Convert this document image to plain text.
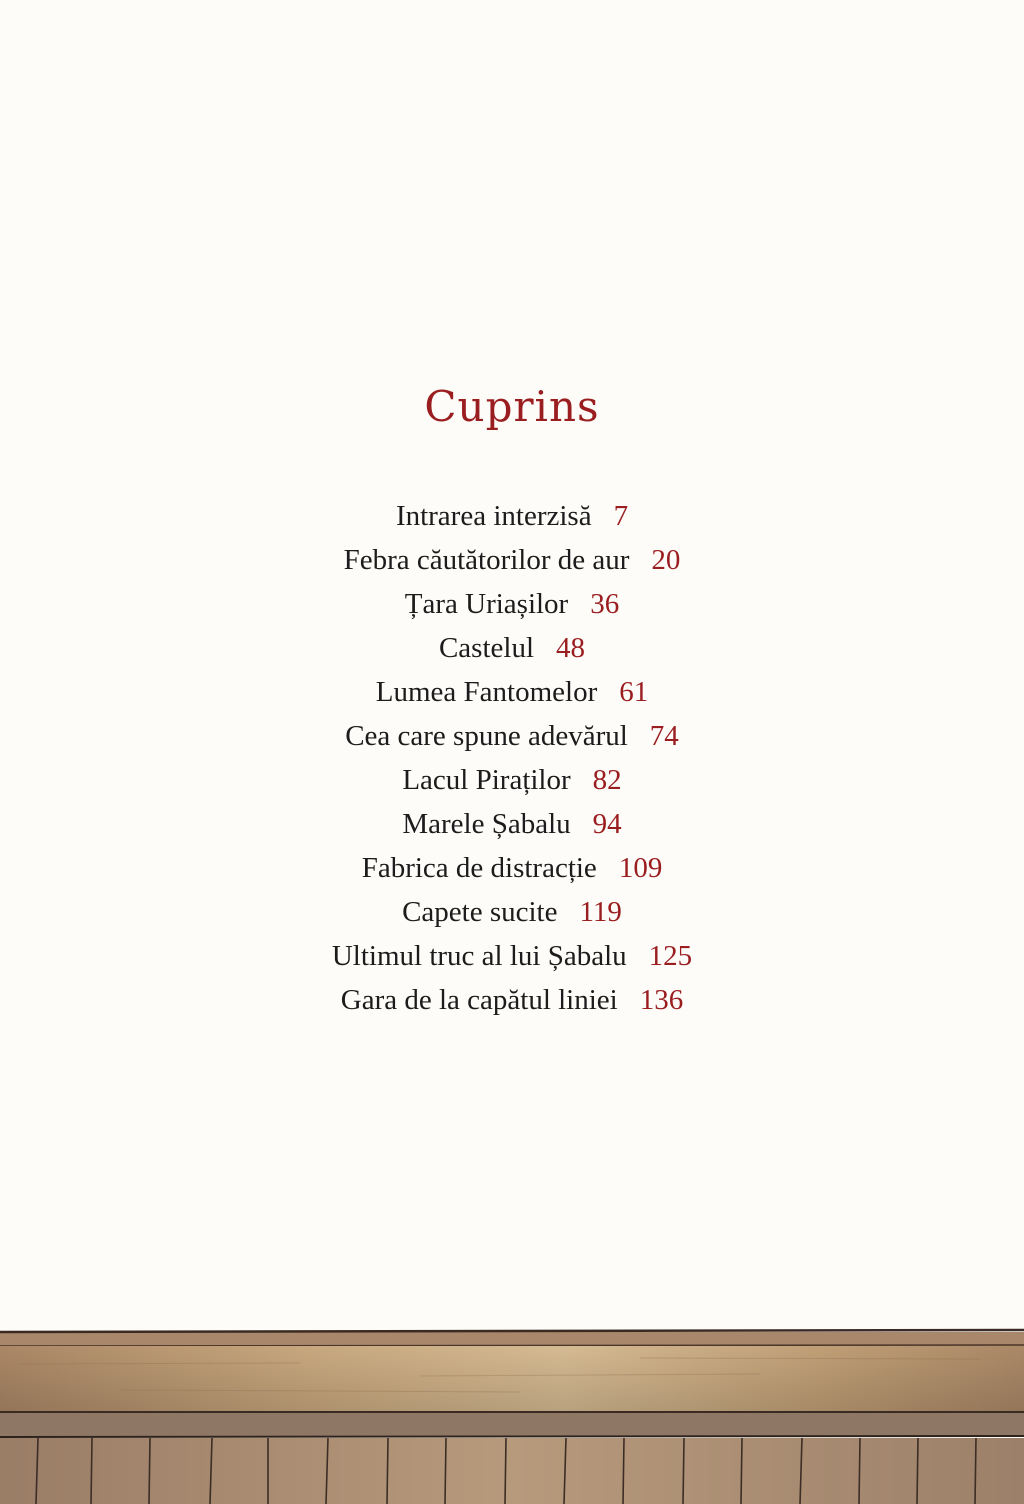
Cuprins
Intrarea interzisă 7
Febra căutătorilor de aur 20
Țara Uriașilor 36
Castelul 48
Lumea Fantomelor 61
Cea care spune adevărul 74
Lacul Piraților 82
Marele Șabalu 94
Fabrica de distracție 109
Capete sucite 119
Ultimul truc al lui Șabalu 125
Gara de la capătul liniei 136
